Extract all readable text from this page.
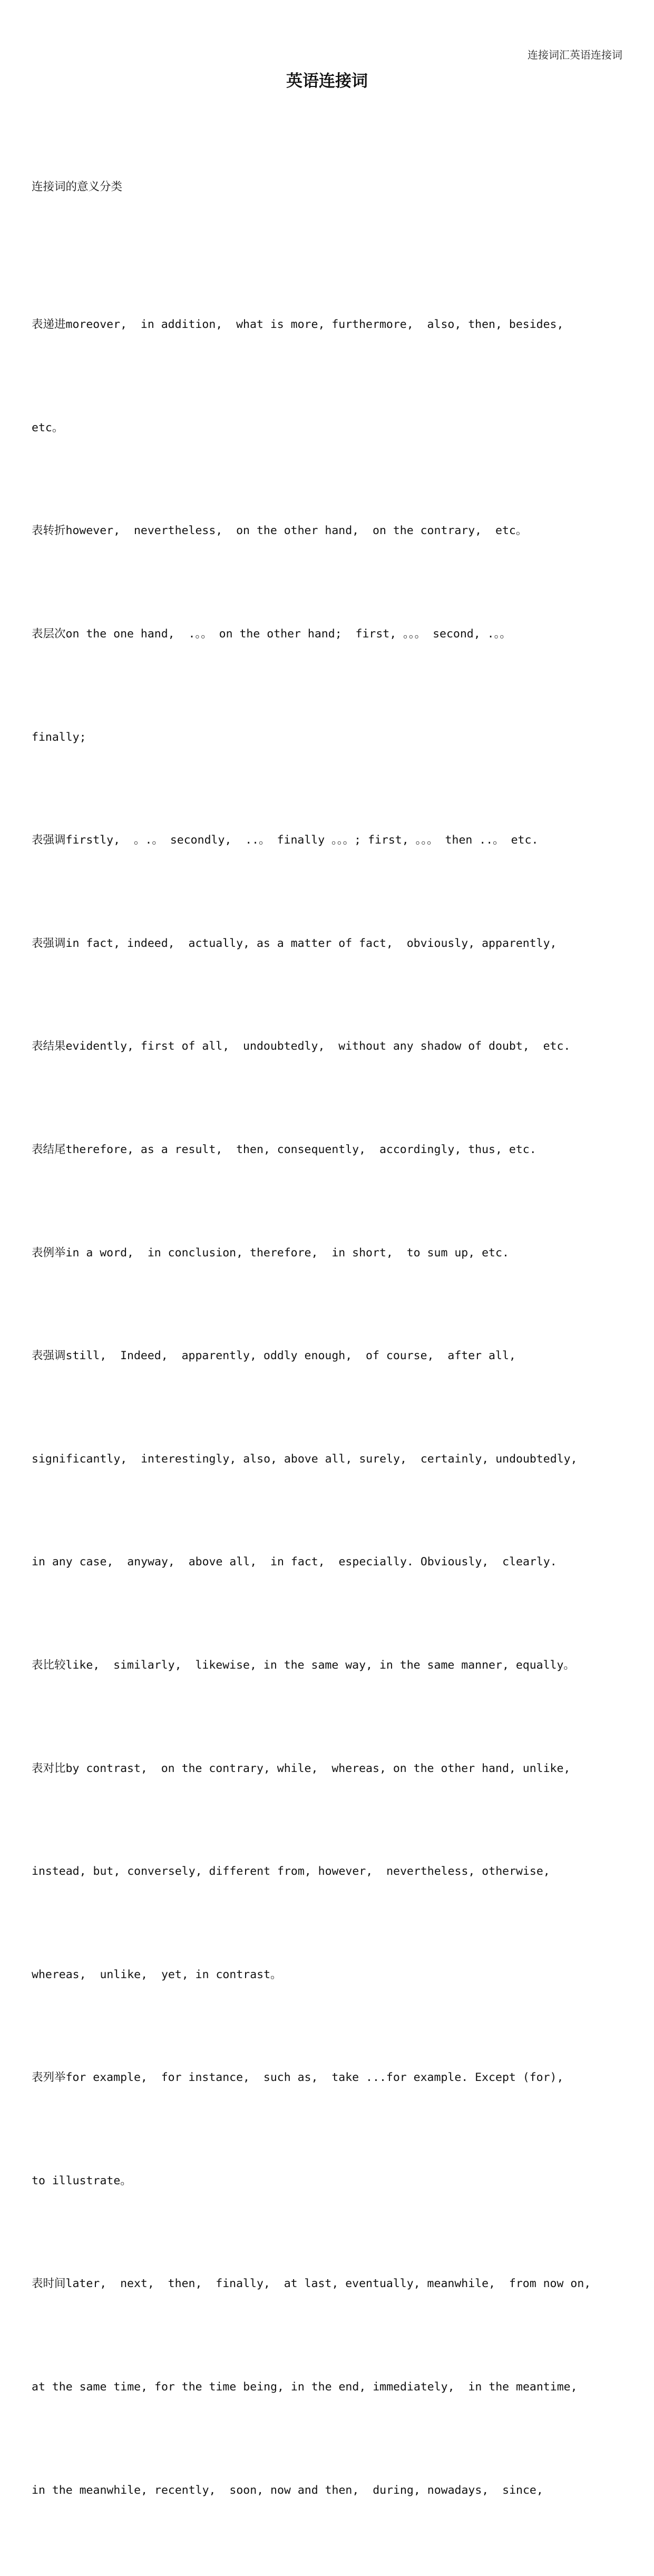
连接词汇英语连接词
英语连接词

连接词的意义分类

表递进moreover,  in addition,  what is more, furthermore,  also, then, besides,

etc。

表转折however,  nevertheless,  on the other hand,  on the contrary,  etc。

表层次on the one hand,  .。。 on the other hand;  first, 。。。 second, .。。

finally;

表强调firstly,  。.。 secondly,  ..。 finally 。。。; first, 。。。 then ..。 etc.

表强调in fact, indeed,  actually, as a matter of fact,  obviously, apparently,

表结果evidently, first of all,  undoubtedly,  without any shadow of doubt,  etc.

表结尾therefore, as a result,  then, consequently,  accordingly, thus, etc.

表例举in a word,  in conclusion, therefore,  in short,  to sum up, etc.

表强调still,  Indeed,  apparently, oddly enough,  of course,  after all,

significantly,  interestingly, also, above all, surely,  certainly, undoubtedly,

in any case,  anyway,  above all,  in fact,  especially. Obviously,  clearly.

表比较like,  similarly,  likewise, in the same way, in the same manner, equally。

表对比by contrast,  on the contrary, while,  whereas, on the other hand, unlike,

instead, but, conversely, different from, however,  nevertheless, otherwise,

whereas,  unlike,  yet, in contrast。

表列举for example,  for instance,  such as,  take ...for example. Except (for),

to illustrate。

表时间later,  next,  then,  finally,  at last, eventually, meanwhile,  from now on,

at the same time, for the time being, in the end, immediately,  in the meantime,

in the meanwhile, recently,  soon, now and then,  during, nowadays,  since,
